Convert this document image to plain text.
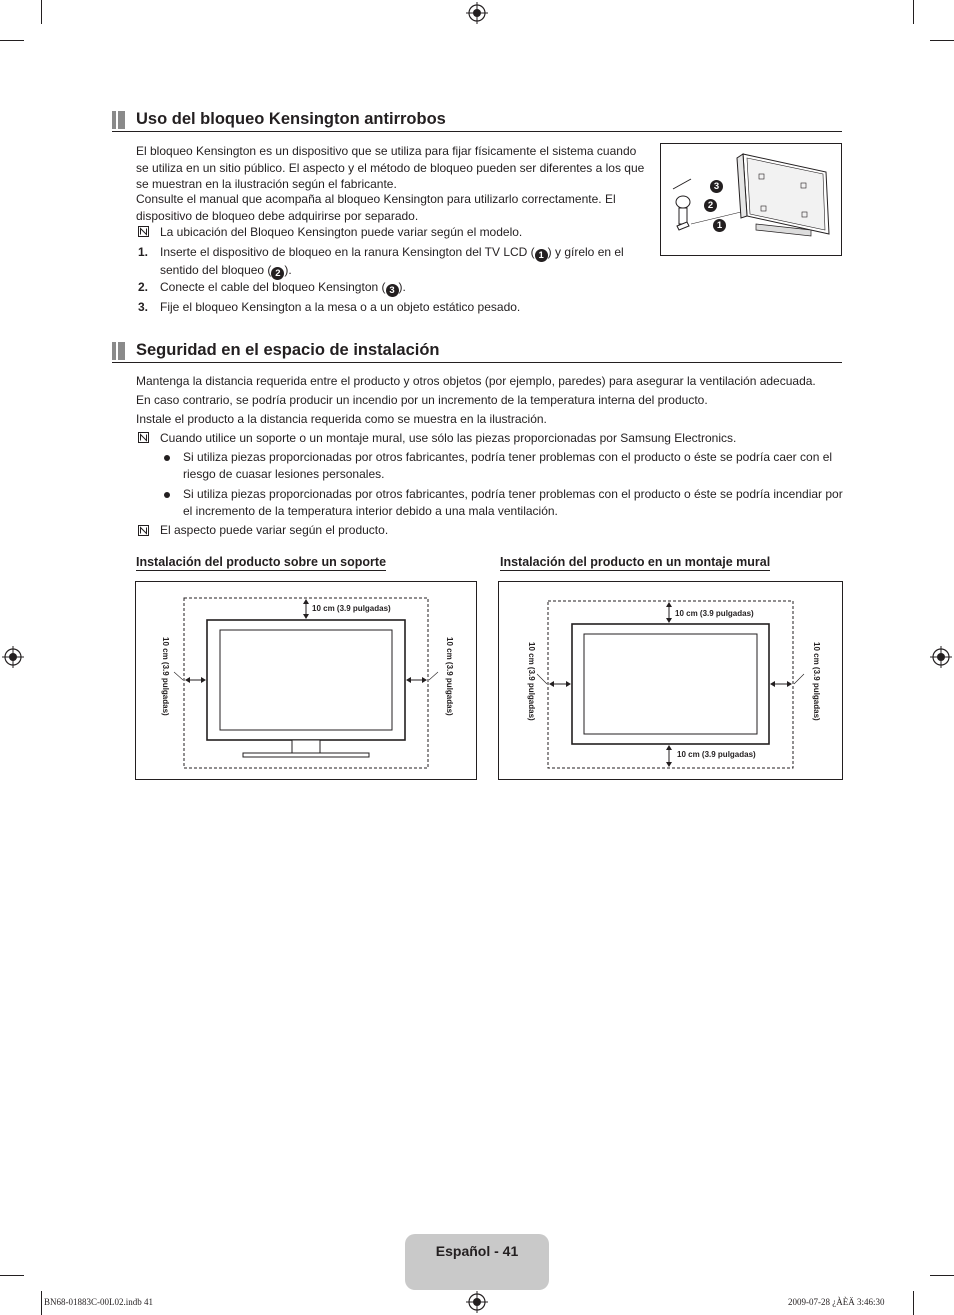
Uso del bloqueo Kensington antirrobos
El bloqueo Kensington es un dispositivo que se utiliza para fijar físicamente el sistema cuando se utiliza en un sitio público. El aspecto y el método de bloqueo pueden ser diferentes a los que se muestran en la ilustración según el fabricante.
Consulte el manual que acompaña al bloqueo Kensington para utilizarlo correctamente. El dispositivo de bloqueo debe adquirirse por separado.
La ubicación del Bloqueo Kensington puede variar según el modelo.
1. Inserte el dispositivo de bloqueo en la ranura Kensington del TV LCD ( 1 ) y gírelo en el sentido del bloqueo ( 2 ).
2. Conecte el cable del bloqueo Kensington ( 3 ).
3. Fije el bloqueo Kensington a la mesa o a un objeto estático pesado.
3
2
1
Seguridad en el espacio de instalación
Mantenga la distancia requerida entre el producto y otros objetos (por ejemplo, paredes) para asegurar la ventilación adecuada.
En caso contrario, se podría producir un incendio por un incremento de la temperatura interna del producto.
Instale el producto a la distancia requerida como se muestra en la ilustración.
Cuando utilice un soporte o un montaje mural, use sólo las piezas proporcionadas por Samsung Electronics.
Si utiliza piezas proporcionadas por otros fabricantes, podría tener problemas con el producto o éste se podría caer con el riesgo de cuasar lesiones personales.
Si utiliza piezas proporcionadas por otros fabricantes, podría tener problemas con el producto o éste se podría incendiar por el incremento de la temperatura interior debido a una mala ventilación.
El aspecto puede variar según el producto.
Instalación del producto sobre un soporte	Instalación del producto en un montaje mural
10 cm (3.9 pulgadas)
10 cm (3.9 pulgadas)	10 cm (3.9 pulgadas)
10 cm (3.9 pulgadas)
10 cm (3.9 pulgadas)
10 cm (3.9 pulgadas)	10 cm (3.9 pulgadas)
Español - 41
BN68-01883C-00L02.indb 41	2009-07-28 ¿ÀÈÄ 3:46:30
